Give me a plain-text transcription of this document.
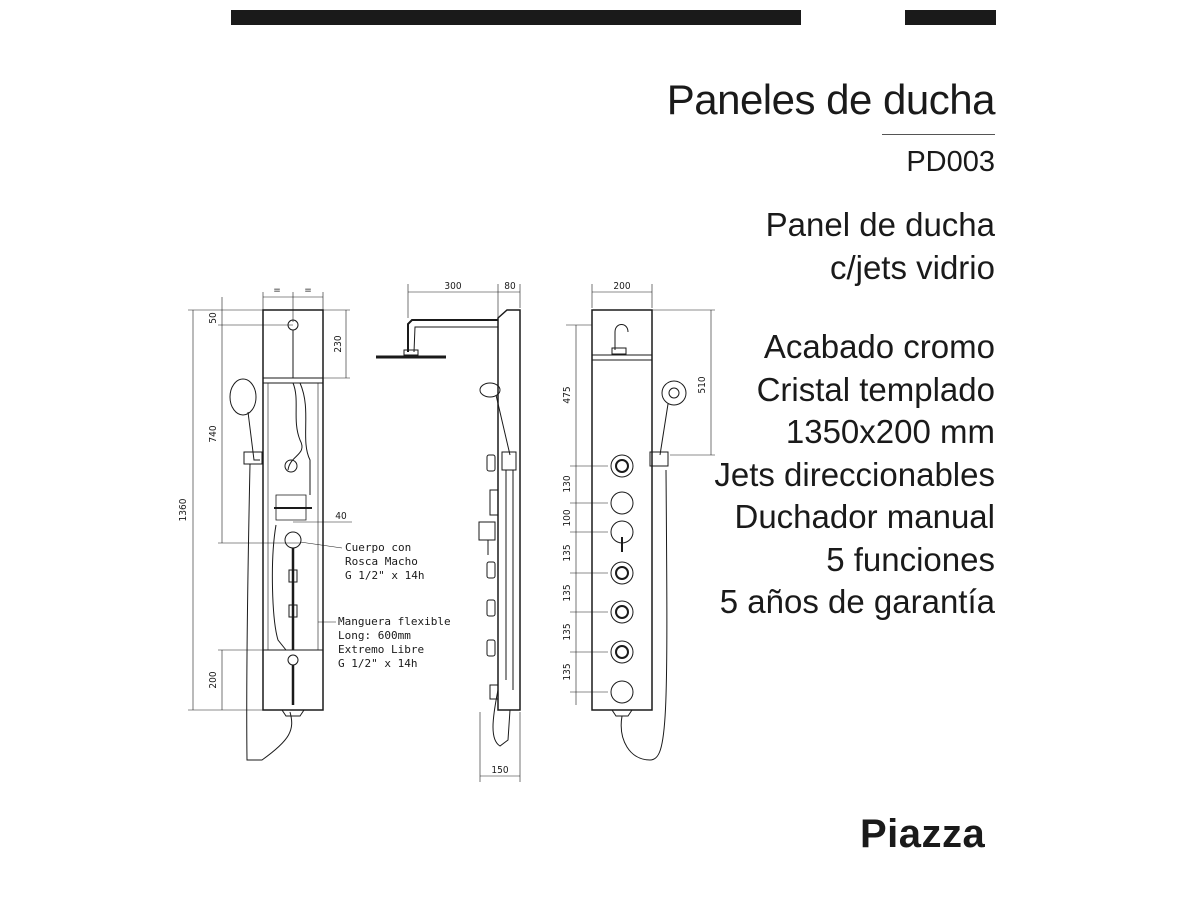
Paneles de ducha
PD003
Panel de ducha
c/jets vidrio
Acabado cromo
Cristal templado
1350x200 mm
Jets direccionables
Duchador manual
5 funciones
5 años de garantía
Piazza
= =
50
740
1360
200
230
40
Cuerpo con
Rosca Macho
G 1/2" x 14h
Manguera flexible
Long: 600mm
Extremo Libre
G 1/2" x 14h
300	80
150
200
475
510
130
100
135
135
135
135
